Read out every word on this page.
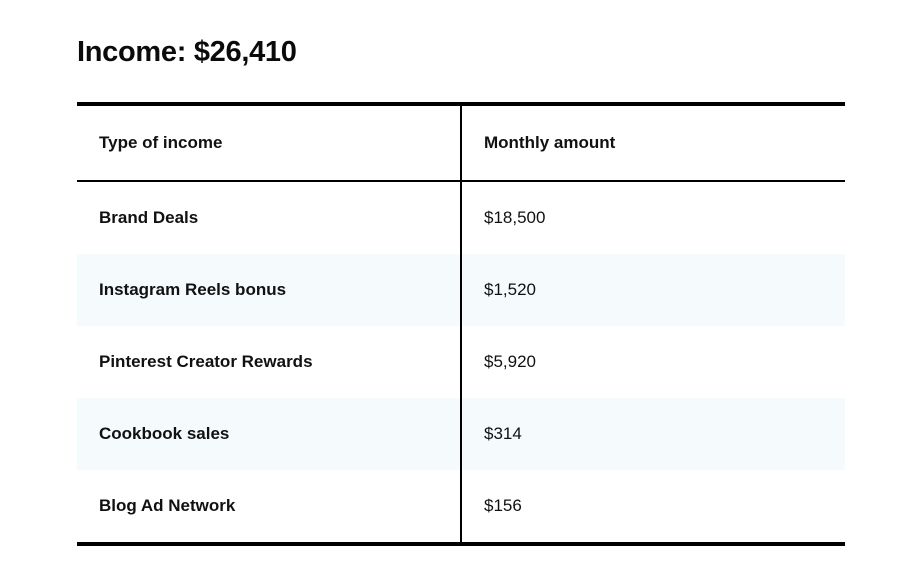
Income: $26,410
Type of income	Monthly amount
Brand Deals	$18,500
Instagram Reels bonus	$1,520
Pinterest Creator Rewards	$5,920
Cookbook sales	$314
Blog Ad Network	$156
